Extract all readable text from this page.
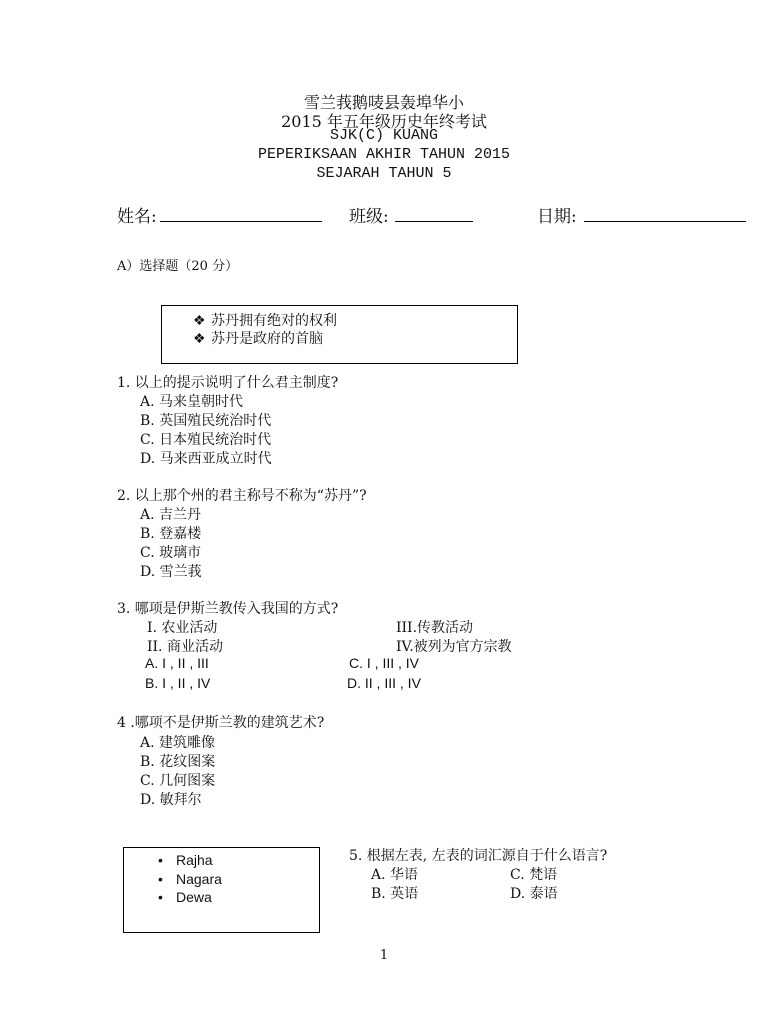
雪兰莪鹅唛县轰埠华小
2015 年五年级历史年终考试
SJK(C) KUANG
PEPERIKSAAN AKHIR TAHUN 2015
SEJARAH TAHUN 5
姓名:	班级:	日期:
A）选择题（20 分）
❖ 苏丹拥有绝对的权利
❖ 苏丹是政府的首脑
1. 以上的提示说明了什么君主制度?
A. 马来皇朝时代
B. 英国殖民统治时代
C. 日本殖民统治时代
D. 马来西亚成立时代
2. 以上那个州的君主称号不称为“苏丹”?
A. 吉兰丹
B. 登嘉楼
C. 玻璃市
D. 雪兰莪
3. 哪项是伊斯兰教传入我国的方式?
I. 农业活动	III.传教活动
II. 商业活动	IV.被列为官方宗教
A. I , II , III	C. I , III , IV
B. I , II , IV	D. II , III , IV
4 .哪项不是伊斯兰教的建筑艺术?
A. 建筑雕像
B. 花纹图案
C. 几何图案
D. 敏拜尔
• Rajha
• Nagara
• Dewa
5. 根据左表, 左表的词汇源自于什么语言?
A. 华语	C. 梵语
B. 英语	D. 泰语
1
